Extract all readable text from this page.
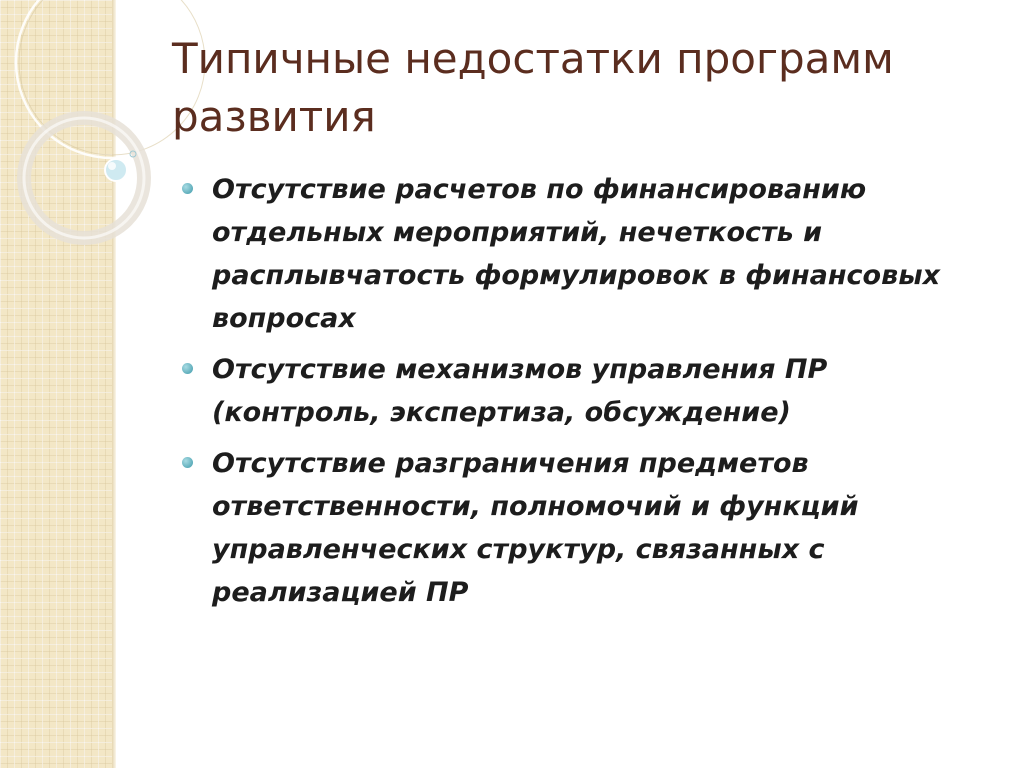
Типичные недостатки программ развития
Отсутствие расчетов по финансированию отдельных мероприятий, нечеткость и расплывчатость формулировок в финансовых вопросах
Отсутствие механизмов управления ПР (контроль, экспертиза, обсуждение)
Отсутствие разграничения предметов ответственности, полномочий и функций управленческих структур, связанных с реализацией ПР
